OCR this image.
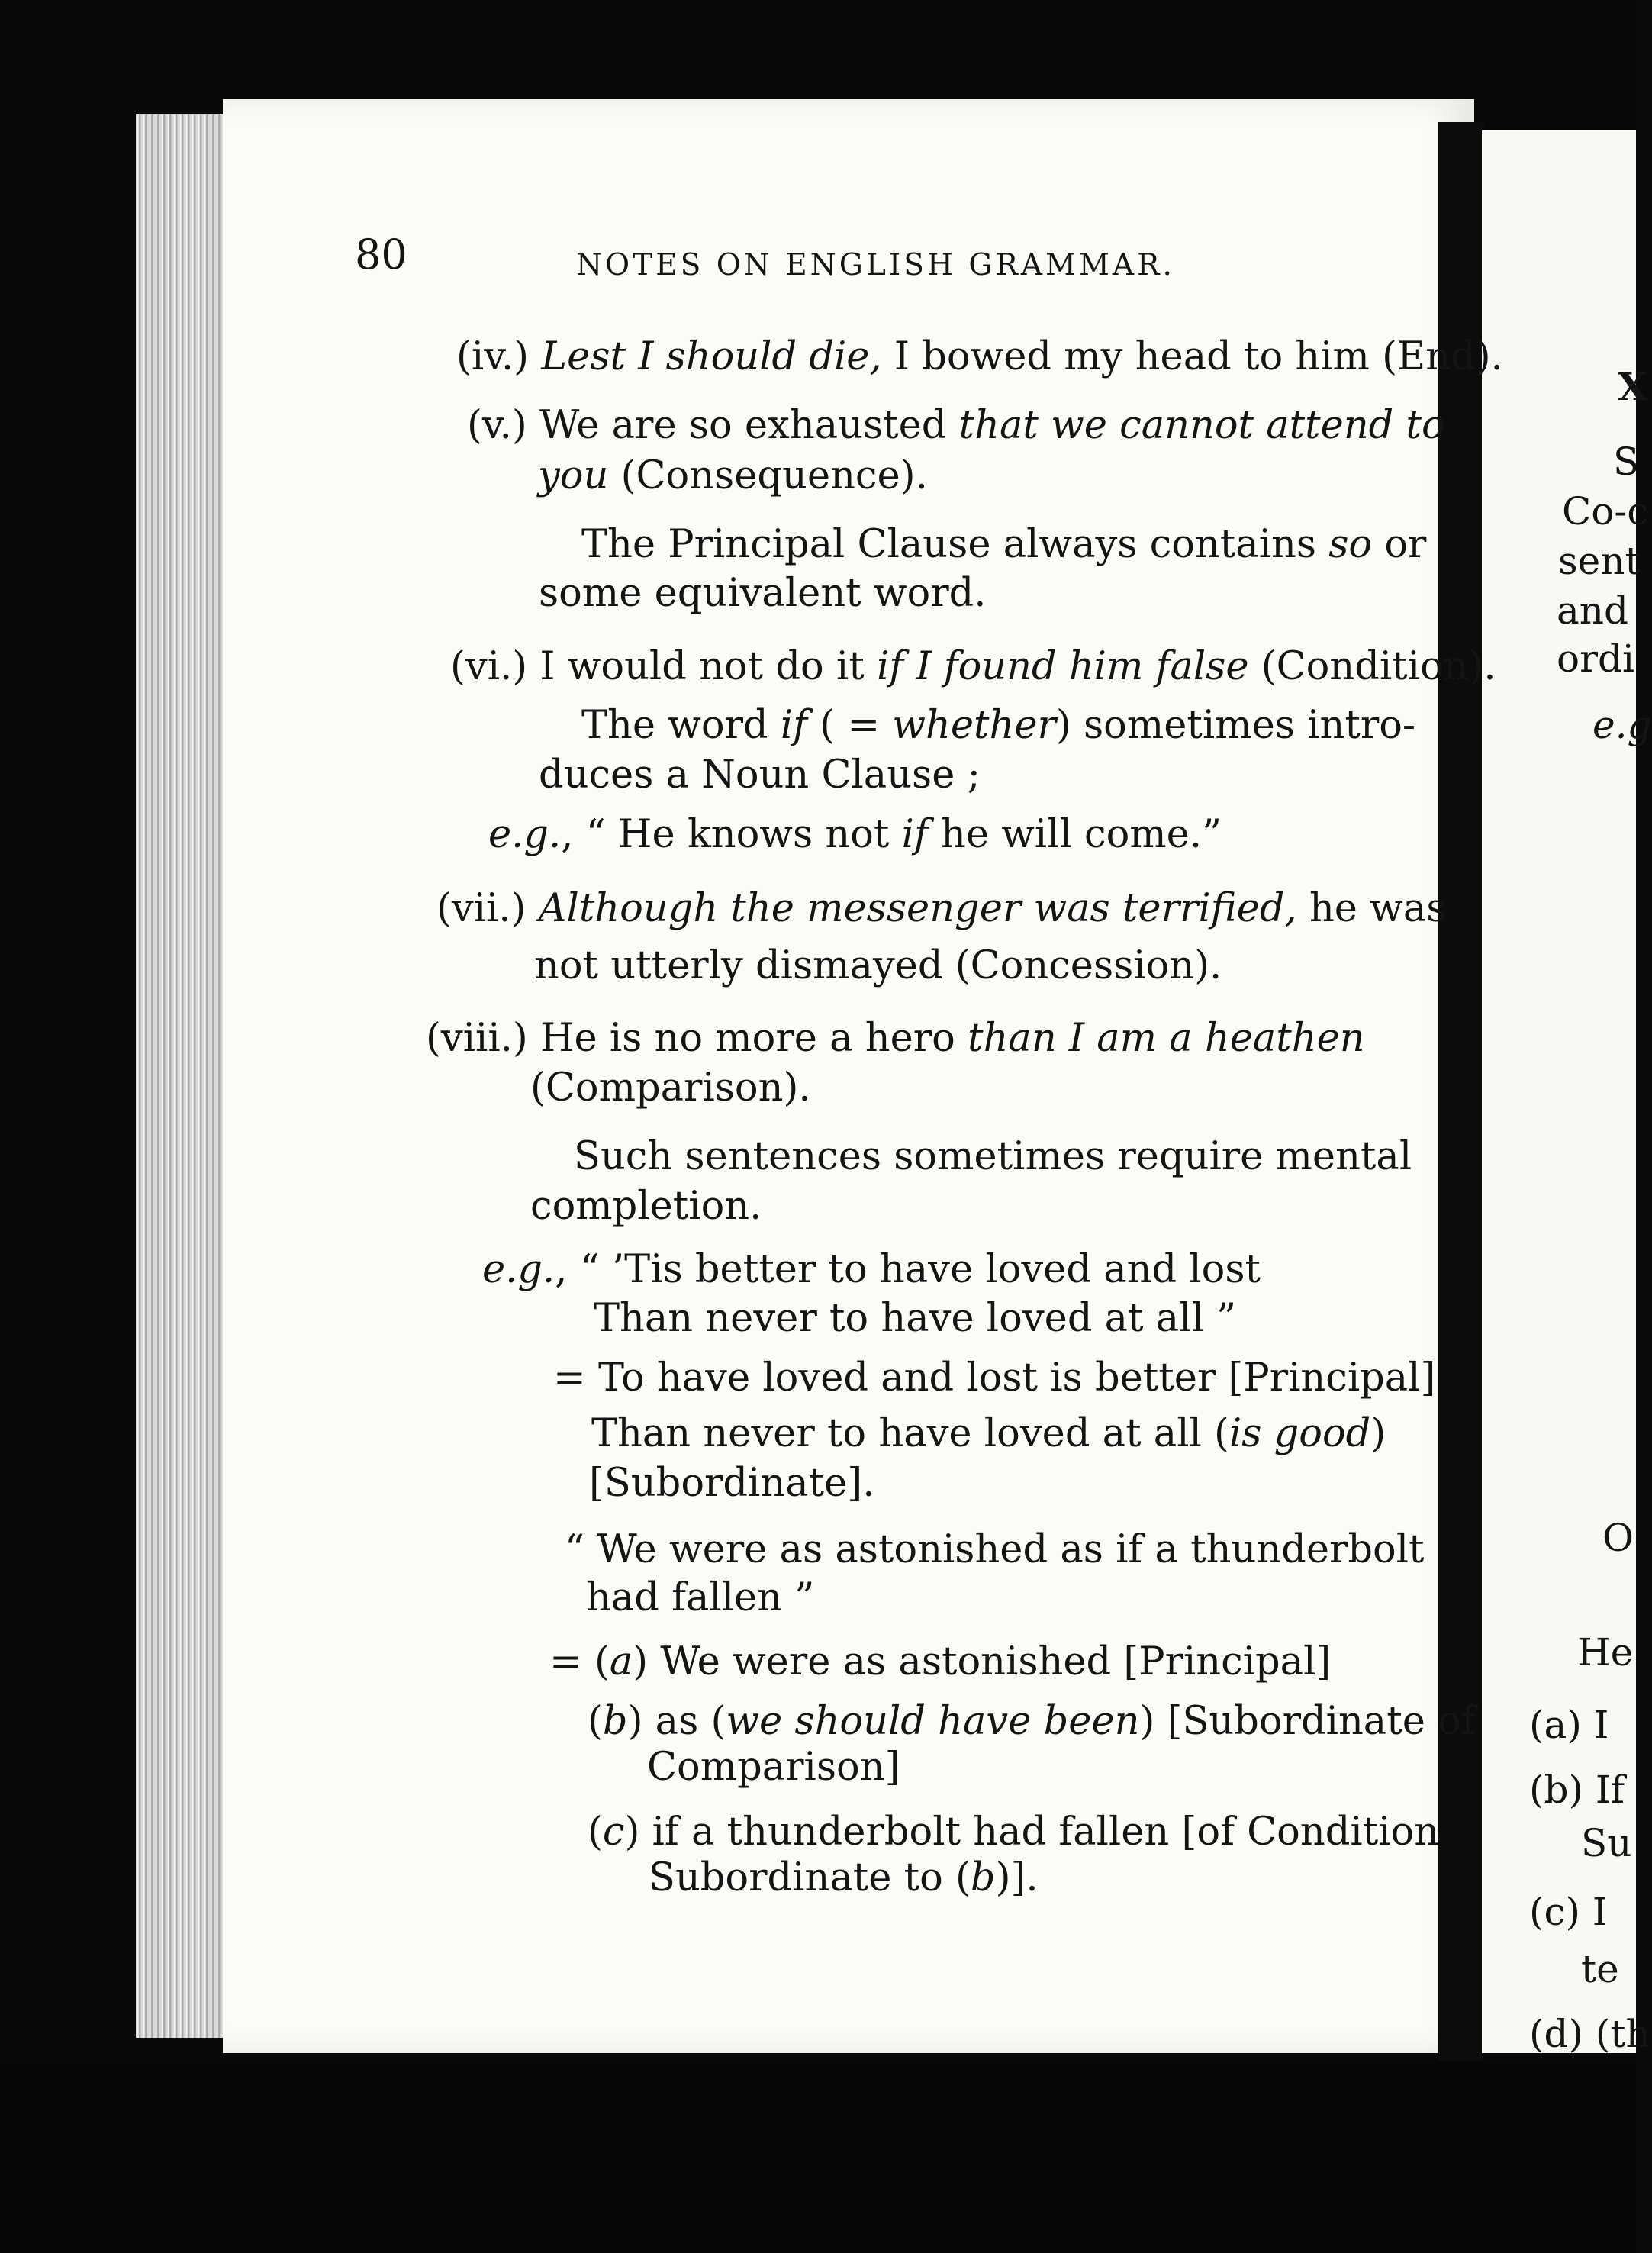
X
S
Co-c
sent
and
ordi
e.g
O
He
(a) I
(b) If
Su
(c) I
te
(d) (th
80	NOTES ON ENGLISH GRAMMAR.
(iv.) Lest I should die, I bowed my head to him (End).
(v.) We are so exhausted that we cannot attend to
you (Consequence).
The Principal Clause always contains so or
some equivalent word.
(vi.) I would not do it if I found him false (Condition).
The word if ( = whether) sometimes intro-
duces a Noun Clause ;
e.g., “ He knows not if he will come.”
(vii.) Although the messenger was terrified, he was
not utterly dismayed (Concession).
(viii.) He is no more a hero than I am a heathen
(Comparison).
Such sentences sometimes require mental
completion.
e.g., “ ’Tis better to have loved and lost
Than never to have loved at all ”
= To have loved and lost is better [Principal]
Than never to have loved at all (is good)
[Subordinate].
“ We were as astonished as if a thunderbolt
had fallen ”
= (a) We were as astonished [Principal]
(b) as (we should have been) [Subordinate of
Comparison]
(c) if a thunderbolt had fallen [of Condition
Subordinate to (b)].
